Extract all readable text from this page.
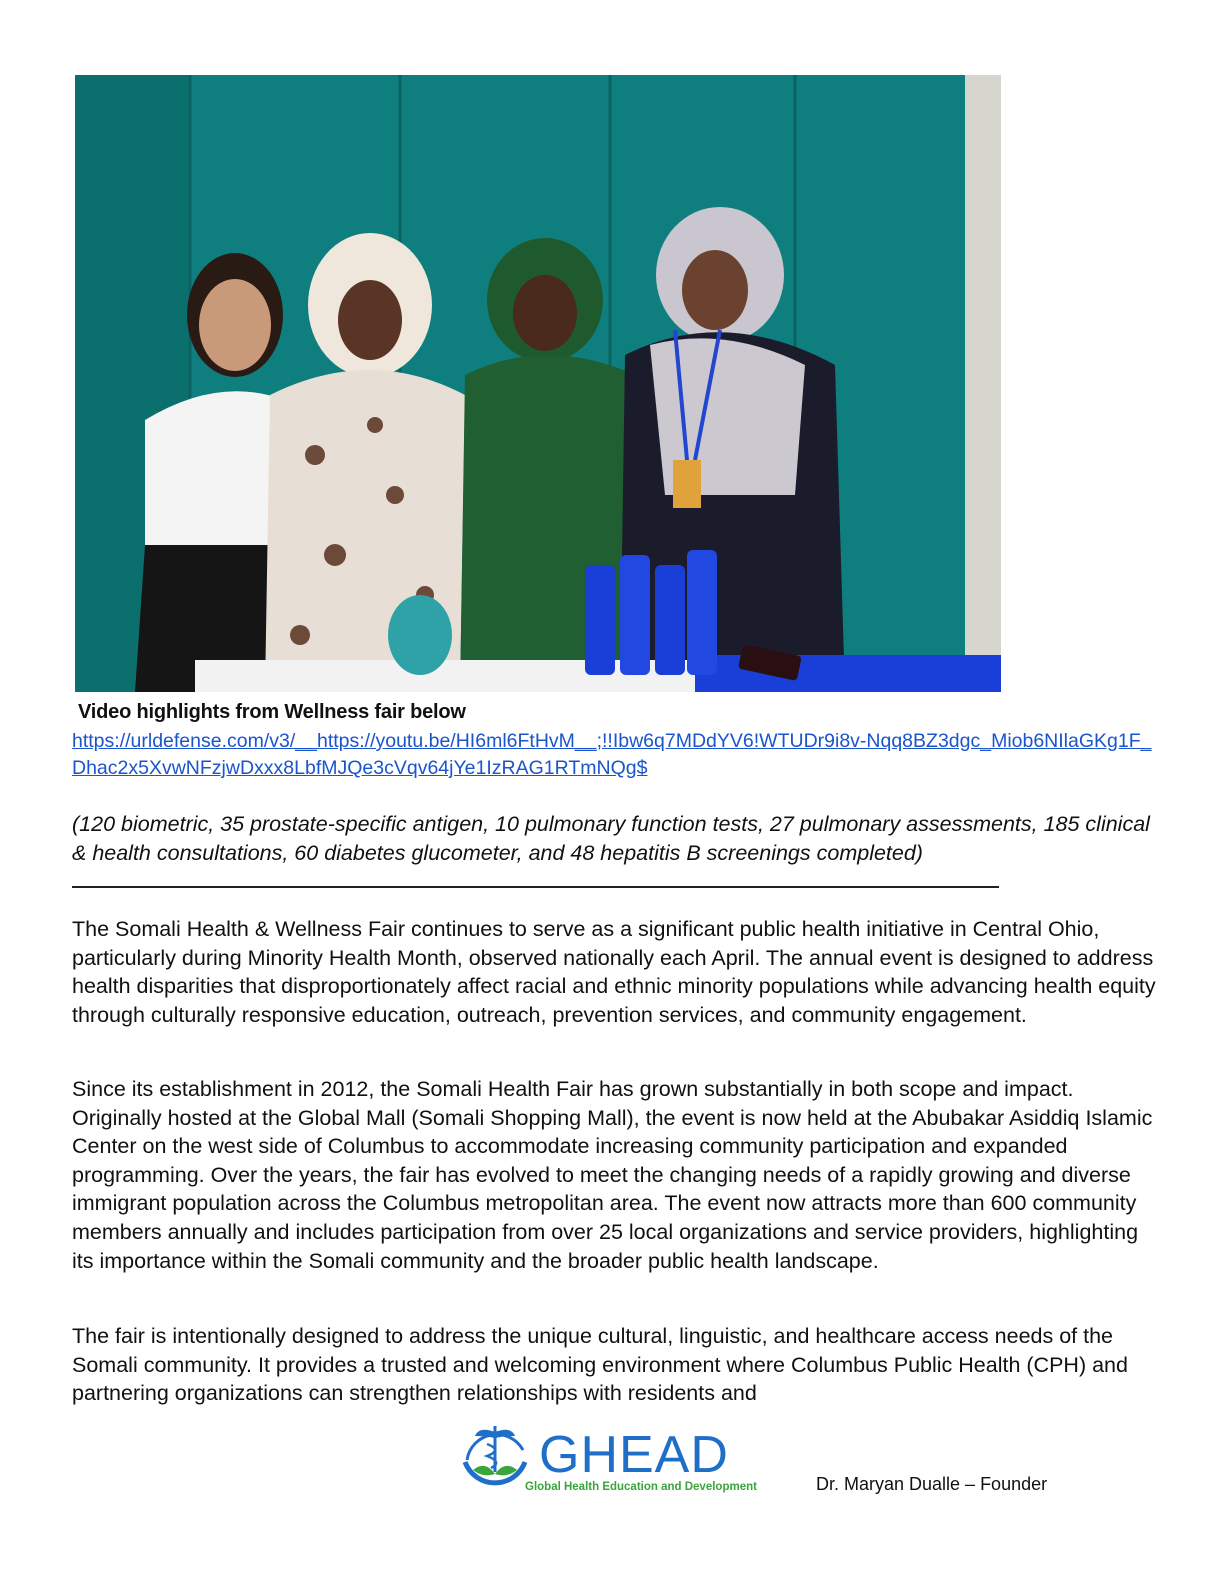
Video highlights from Wellness fair below
https://urldefense.com/v3/__https://youtu.be/HI6ml6FtHvM__;!!Ibw6q7MDdYV6!WTUDr9i8v-Nqq8BZ3dgc_Miob6NIlaGKg1F_Dhac2x5XvwNFzjwDxxx8LbfMJQe3cVqv64jYe1IzRAG1RTmNQg$
(120 biometric, 35 prostate-specific antigen, 10 pulmonary function tests, 27 pulmonary assessments, 185 clinical & health consultations, 60 diabetes glucometer, and 48 hepatitis B screenings completed)

The Somali Health & Wellness Fair continues to serve as a significant public health initiative in Central Ohio, particularly during Minority Health Month, observed nationally each April. The annual event is designed to address health disparities that disproportionately affect racial and ethnic minority populations while advancing health equity through culturally responsive education, outreach, prevention services, and community engagement.

Since its establishment in 2012, the Somali Health Fair has grown substantially in both scope and impact. Originally hosted at the Global Mall (Somali Shopping Mall), the event is now held at the Abubakar Asiddiq Islamic Center on the west side of Columbus to accommodate increasing community participation and expanded programming. Over the years, the fair has evolved to meet the changing needs of a rapidly growing and diverse immigrant population across the Columbus metropolitan area. The event now attracts more than 600 community members annually and includes participation from over 25 local organizations and service providers, highlighting its importance within the Somali community and the broader public health landscape.

The fair is intentionally designed to address the unique cultural, linguistic, and healthcare access needs of the Somali community. It provides a trusted and welcoming environment where Columbus Public Health (CPH) and partnering organizations can strengthen relationships with residents and

GHEAD
Global Health Education and Development	Dr. Maryan Dualle – Founder
